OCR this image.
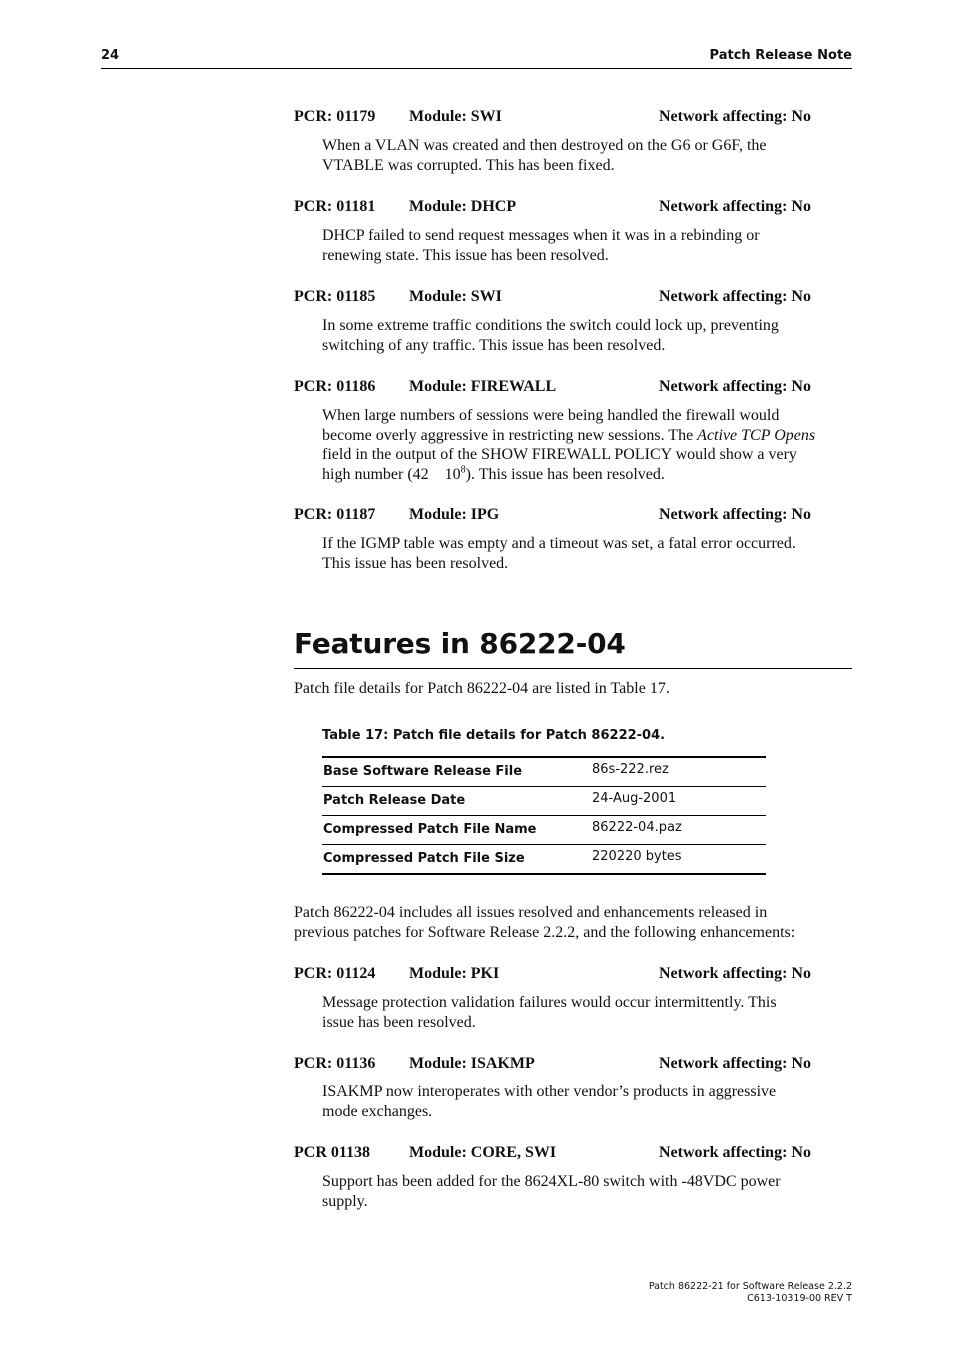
24	Patch Release Note
PCR: 01179 Module: SWI	Network affecting: No
When a VLAN was created and then destroyed on the G6 or G6F, the
VTABLE was corrupted. This has been fixed.
PCR: 01181 Module: DHCP	Network affecting: No
DHCP failed to send request messages when it was in a rebinding or
renewing state. This issue has been resolved.
PCR: 01185 Module: SWI	Network affecting: No
In some extreme traffic conditions the switch could lock up, preventing
switching of any traffic. This issue has been resolved.
PCR: 01186 Module: FIREWALL	Network affecting: No
When large numbers of sessions were being handled the firewall would
become overly aggressive in restricting new sessions. The Active TCP Opens
field in the output of the SHOW FIREWALL POLICY would show a very
high number (42    $10^8$). This issue has been resolved.
PCR: 01187 Module: IPG	Network affecting: No
If the IGMP table was empty and a timeout was set, a fatal error occurred.
This issue has been resolved.
Features in 86222-04
Patch file details for Patch 86222-04 are listed in Table 17.
Table 17: Patch file details for Patch 86222-04.
Base Software Release File	86s-222.rez
Patch Release Date	24-Aug-2001
Compressed Patch File Name	86222-04.paz
Compressed Patch File Size	220220 bytes
Patch 86222-04 includes all issues resolved and enhancements released in
previous patches for Software Release 2.2.2, and the following enhancements:
PCR: 01124 Module: PKI	Network affecting: No
Message protection validation failures would occur intermittently. This
issue has been resolved.
PCR: 01136 Module: ISAKMP	Network affecting: No
ISAKMP now interoperates with other vendor’s products in aggressive
mode exchanges.
PCR 01138 Module: CORE, SWI	Network affecting: No
Support has been added for the 8624XL-80 switch with -48VDC power
supply.
Patch 86222-21 for Software Release 2.2.2
C613-10319-00 REV T
